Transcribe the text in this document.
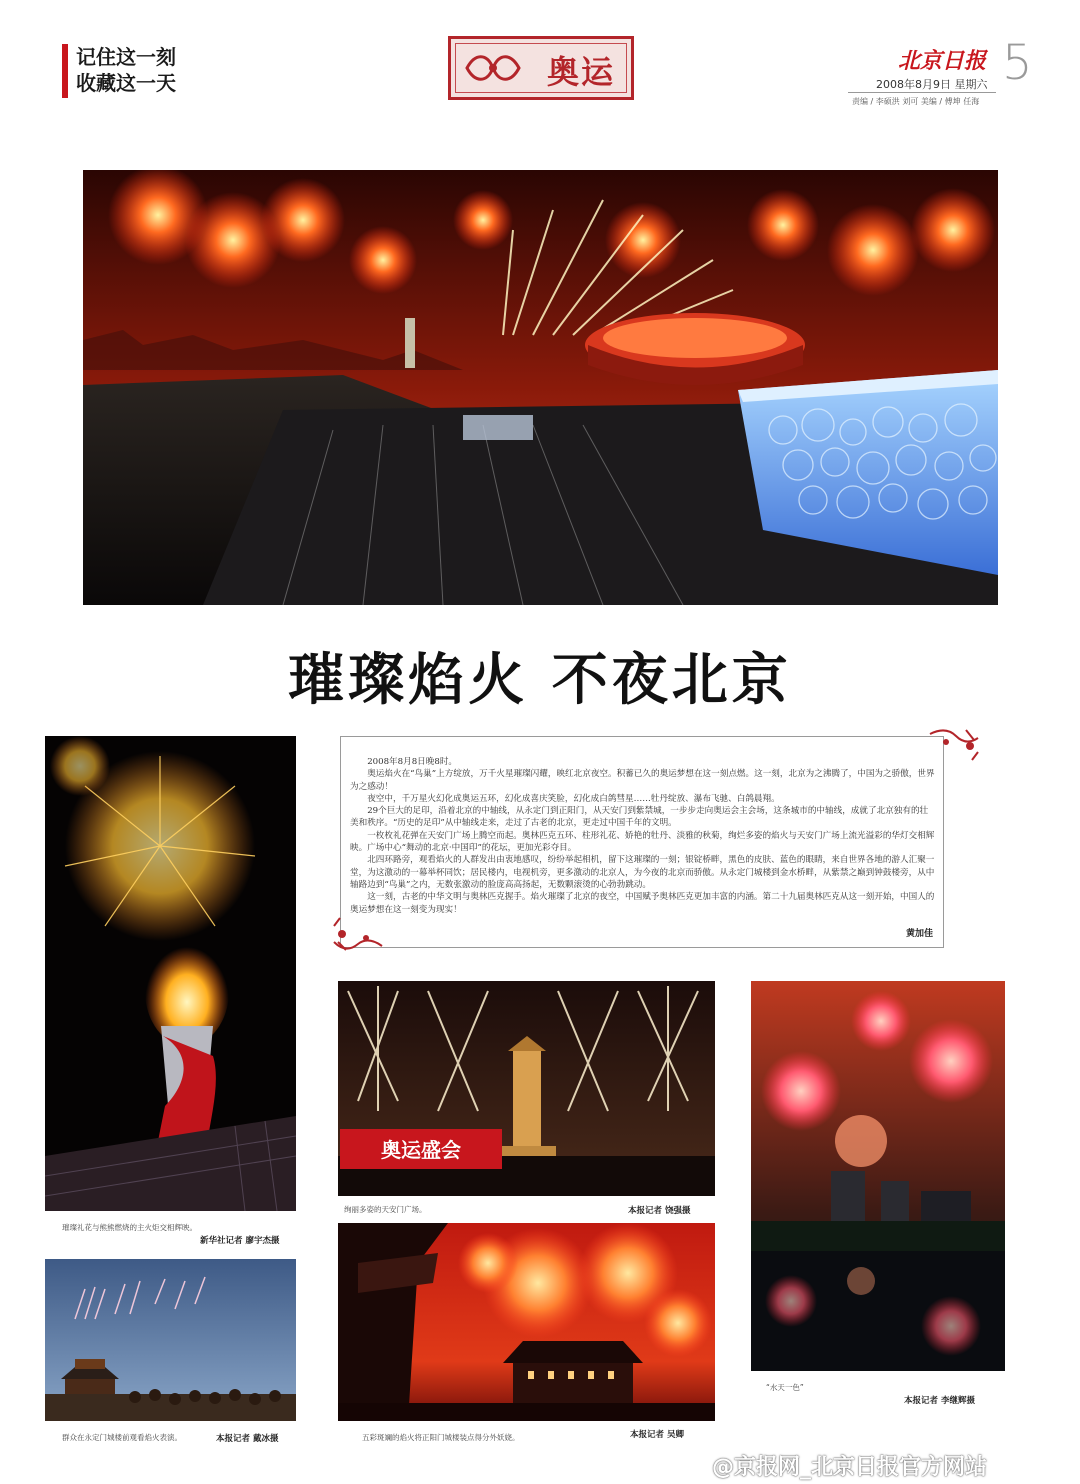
记住这一刻
收藏这一天	奥运	北京日报 5
2008年8月9日 星期六
责编 / 李硕洪 刘可 美编 / 傅坤 任海
璀璨焰火 不夜北京

2008年8月8日晚8时。

奥运焰火在“鸟巢”上方绽放，万千火星璀璨闪耀，映红北京夜空。积蓄已久的奥运梦想在这一刻点燃。这一刻，北京为之沸腾了，中国为之骄傲，世界为之感动！

夜空中，千万星火幻化成奥运五环，幻化成喜庆笑脸，幻化成白鸽彗星……牡丹绽放、瀑布飞驰、白鸽晨翔。

29个巨大的足印，沿着北京的中轴线，从永定门到正阳门，从天安门到紫禁城，一步步走向奥运会主会场，这条城市的中轴线，成就了北京独有的壮美和秩序。“历史的足印”从中轴线走来，走过了古老的北京，更走过中国千年的文明。

一枚枚礼花弹在天安门广场上腾空而起。奥林匹克五环、柱形礼花、娇艳的牡丹、淡雅的秋菊，绚烂多姿的焰火与天安门广场上流光溢彩的华灯交相辉映。广场中心“舞动的北京·中国印”的花坛，更加光彩夺目。

北四环路旁，观看焰火的人群发出由衷地感叹，纷纷举起相机，留下这璀璨的一刻；银锭桥畔，黑色的皮肤、蓝色的眼睛，来自世界各地的游人汇聚一堂，为这激动的一幕举杯同饮；居民楼内，电视机旁，更多激动的北京人，为今夜的北京而骄傲。从永定门城楼到金水桥畔，从紫禁之巅到钟鼓楼旁，从中轴路边到“鸟巢”之内，无数张激动的脸庞高高扬起，无数颗滚烫的心勃勃跳动。

这一刻，古老的中华文明与奥林匹克握手。焰火璀璨了北京的夜空，中国赋予奥林匹克更加丰富的内涵。第二十九届奥林匹克从这一刻开始，中国人的奥运梦想在这一刻变为现实！

黄加佳
璀璨礼花与熊熊燃烧的主火炬交相辉映。
新华社记者 廖宇杰摄
奥运盛会
绚丽多姿的天安门广场。	本报记者 饶强摄
“水天一色”
本报记者 李继辉摄
群众在永定门城楼前观看焰火表演。	本报记者 戴冰摄	五彩斑斓的焰火将正阳门城楼装点得分外妖娆。	本报记者 吴卿
@京报网_北京日报官方网站
